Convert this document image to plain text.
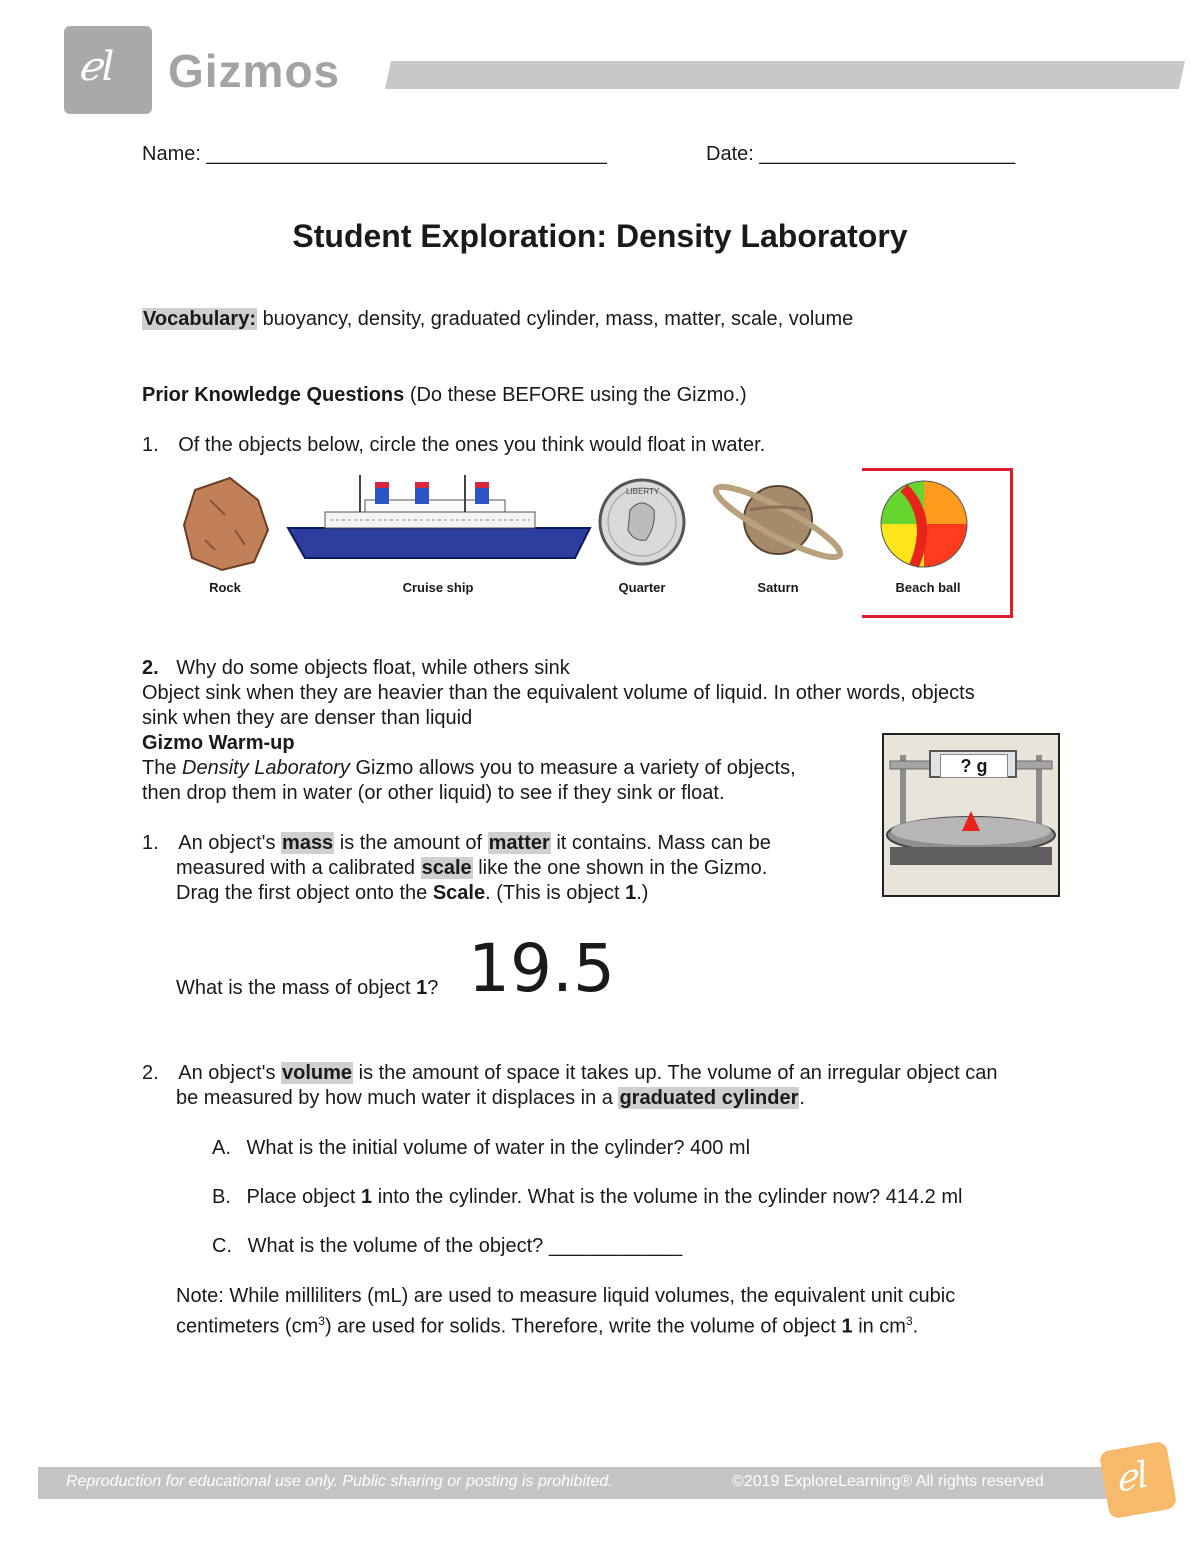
ℯl Gizmos
Name: ____________________________________	Date: _______________________
Student Exploration: Density Laboratory
Vocabulary: buoyancy, density, graduated cylinder, mass, matter, scale, volume
Prior Knowledge Questions (Do these BEFORE using the Gizmo.)
1. Of the objects below, circle the ones you think would float in water.
LIBERTY
Rock	Cruise ship	Quarter	Saturn	Beach ball
2. Why do some objects float, while others sink
Object sink when they are heavier than the equivalent volume of liquid. In other words, objects
sink when they are denser than liquid
Gizmo Warm-up
The Density Laboratory Gizmo allows you to measure a variety of objects,
then drop them in water (or other liquid) to see if they sink or float.
? g
1. An object's mass is the amount of matter it contains. Mass can be
measured with a calibrated scale like the one shown in the Gizmo.
Drag the first object onto the Scale. (This is object 1.)
What is the mass of object 1? 19.5
2. An object's volume is the amount of space it takes up. The volume of an irregular object can
be measured by how much water it displaces in a graduated cylinder.
A. What is the initial volume of water in the cylinder? 400 ml
B. Place object 1 into the cylinder. What is the volume in the cylinder now? 414.2 ml
C. What is the volume of the object? ____________
Note: While milliliters (mL) are used to measure liquid volumes, the equivalent unit cubic
centimeters $(cm^3)$ are used for solids. Therefore, write the volume of object 1 in $cm^3$.
Reproduction for educational use only. Public sharing or posting is prohibited.	©2019 ExploreLearning® All rights reserved ℯl
